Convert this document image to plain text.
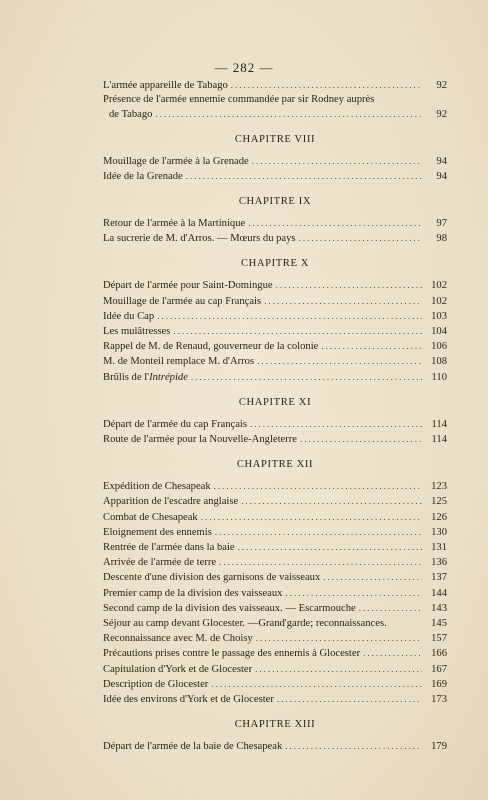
— 282 —
L'armée appareille de Tabago .....	92
Présence de l'armée ennemie commandée par sir Rodney auprès
de Tabago .....	92
CHAPITRE VIII
Mouillage de l'armée à la Grenade .....	94
Idée de la Grenade .....	94
CHAPITRE IX
Retour de l'armée à la Martinique .....	97
La sucrerie de M. d'Arros. — Mœurs du pays .....	98
CHAPITRE X
Départ de l'armée pour Saint-Domingue .....	102
Mouillage de l'armée au cap Français .....	102
Idée du Cap .....	103
Les mulâtresses .....	104
Rappel de M. de Renaud, gouverneur de la colonie .....	106
M. de Monteil remplace M. d'Arros .....	108
Brûlis de l'Intrépide .....	110
CHAPITRE XI
Départ de l'armée du cap Français .....	114
Route de l'armée pour la Nouvelle-Angleterre .....	114
CHAPITRE XII
Expédition de Chesapeak .....	123
Apparition de l'escadre anglaise .....	125
Combat de Chesapeak .....	126
Eloignement des ennemis .....	130
Rentrée de l'armée dans la baie .....	131
Arrivée de l'armée de terre .....	136
Descente d'une division des garnisons de vaisseaux .....	137
Premier camp de la division des vaisseaux .....	144
Second camp de la division des vaisseaux. — Escarmouche .....	143
Séjour au camp devant Glocester. —Grand'garde; reconnaissances.	145
Reconnaissance avec M. de Choisy .....	157
Précautions prises contre le passage des ennemis à Glocester .....	166
Capitulation d'York et de Glocester .....	167
Description de Glocester .....	169
Idée des environs d'York et de Glocester .....	173
CHAPITRE XIII
Départ de l'armée de la baie de Chesapeak .....	179
